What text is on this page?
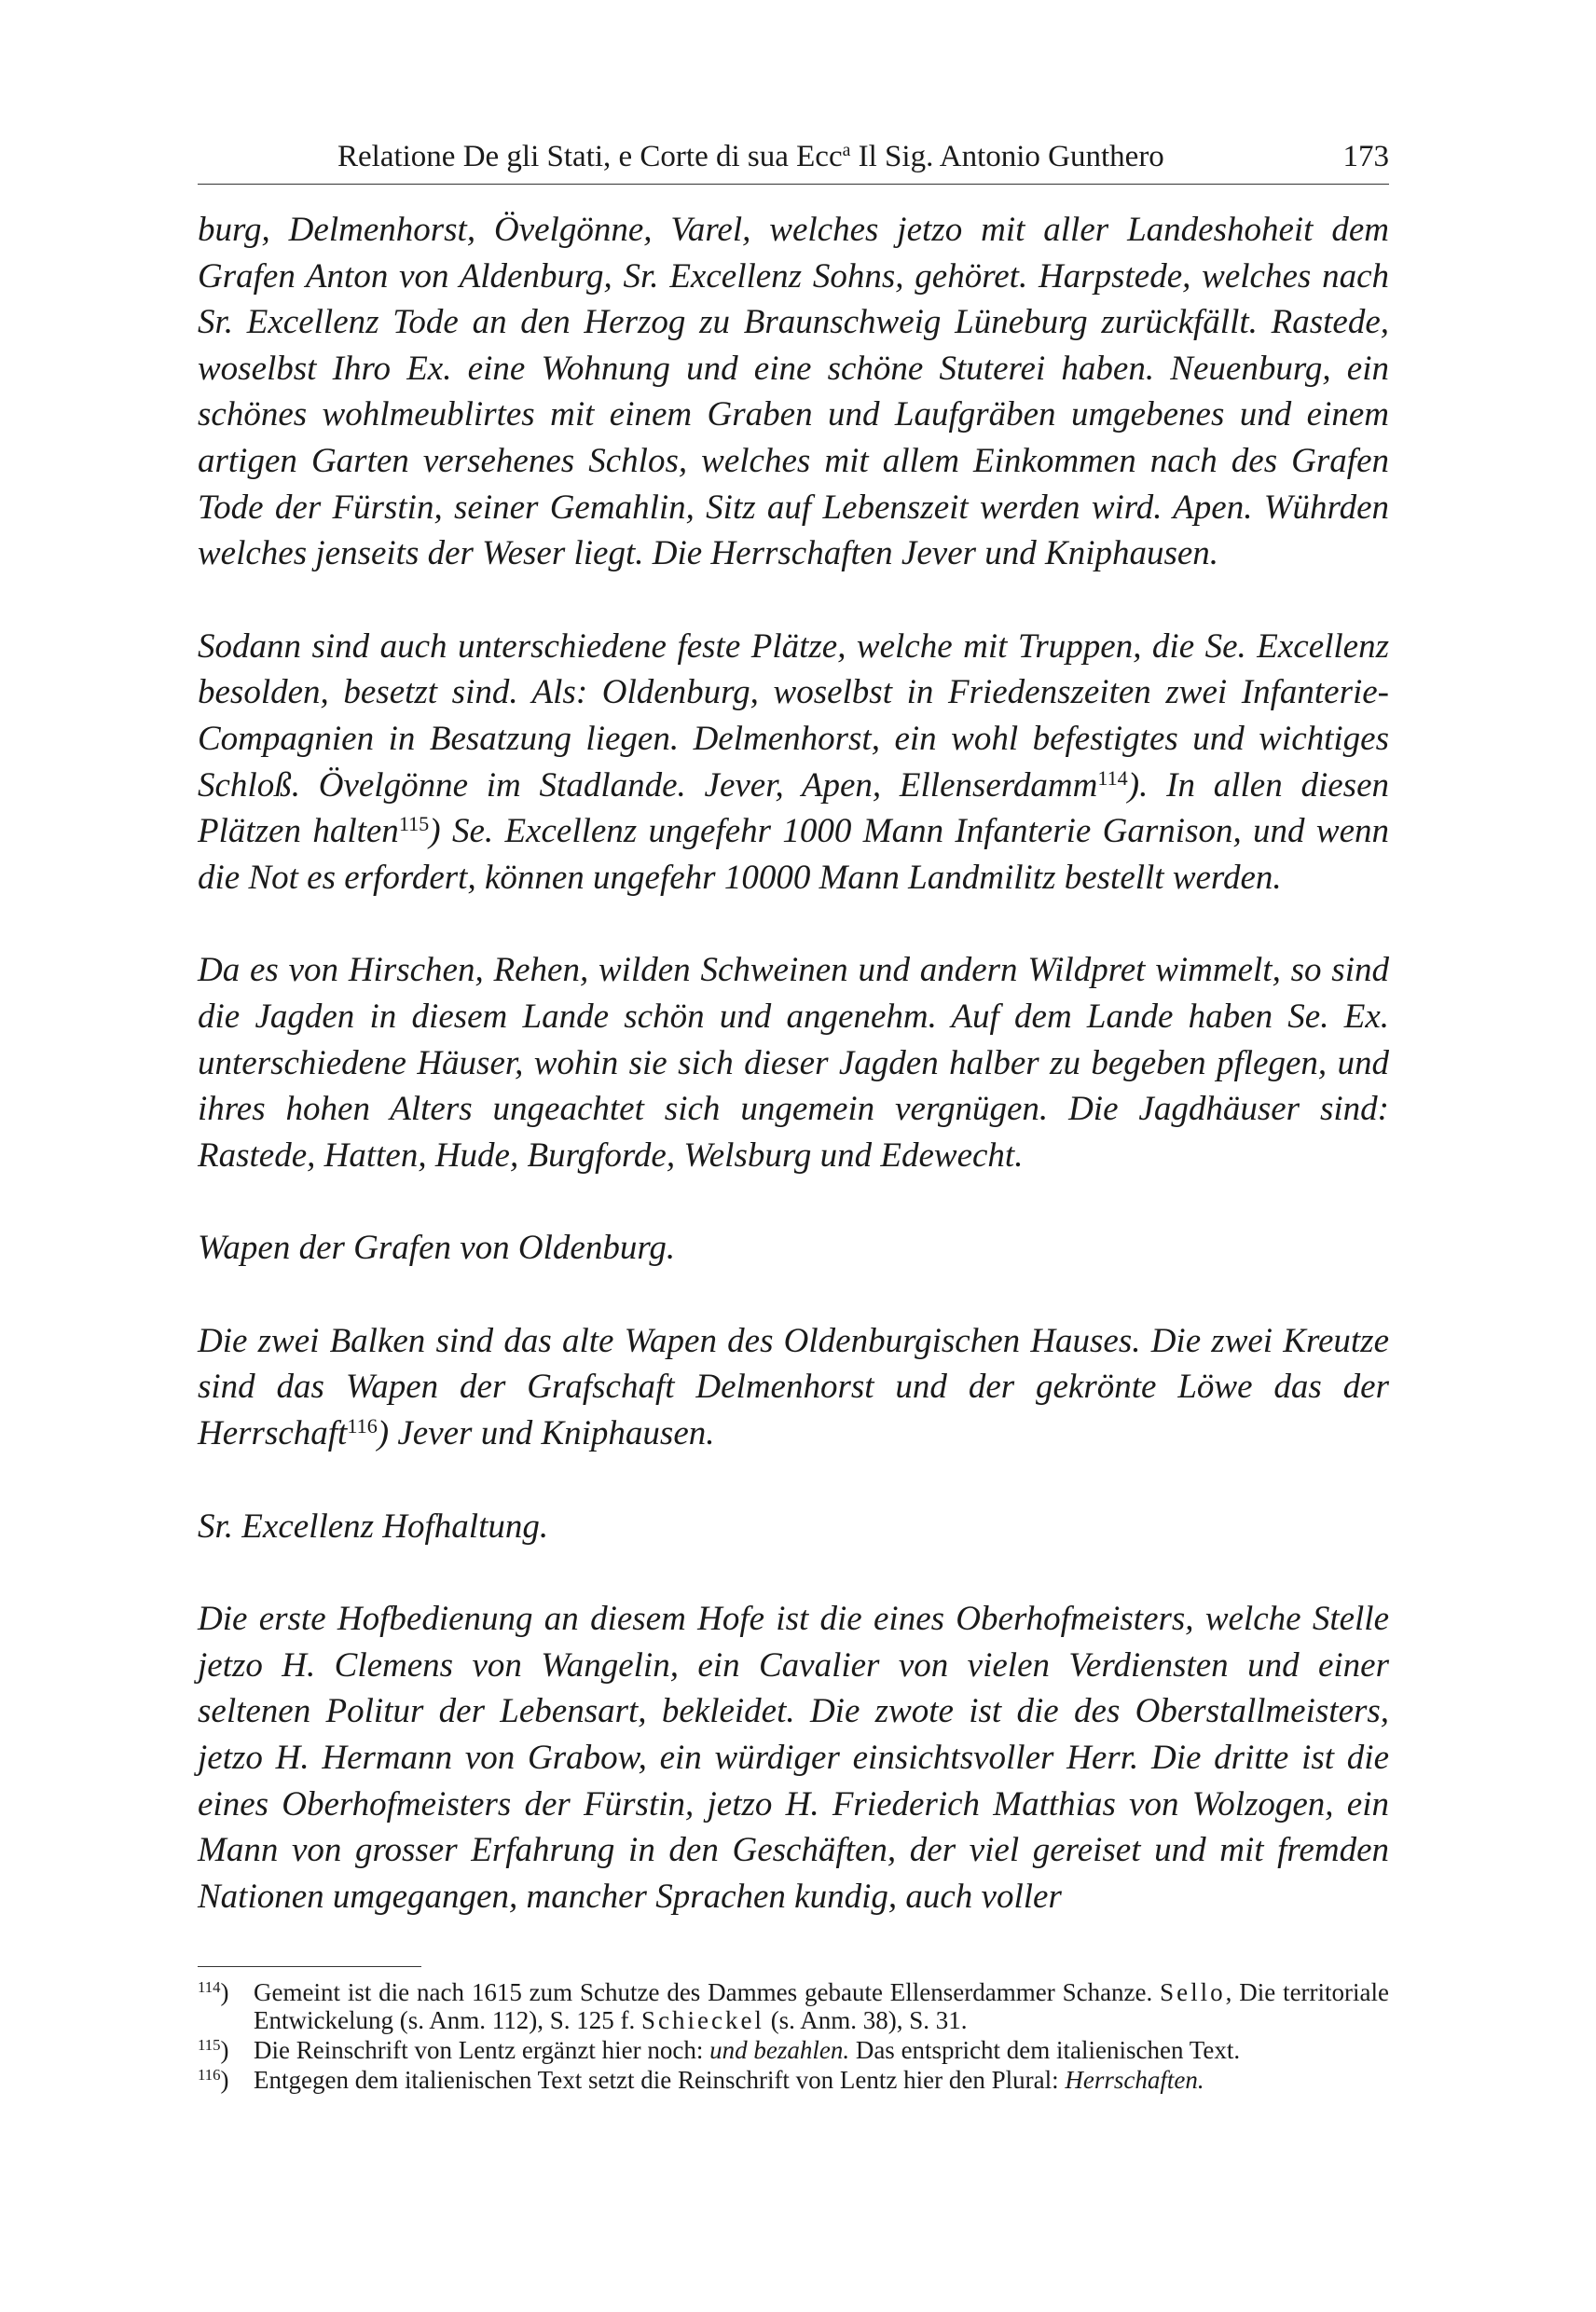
Relatione De gli Stati, e Corte di sua Ecc$^a$ Il Sig. Antonio Gunthero	173

burg, Delmenhorst, Övelgönne, Varel, welches jetzo mit aller Landeshoheit dem Grafen Anton von Aldenburg, Sr. Excellenz Sohns, gehöret. Harpstede, welches nach Sr. Excellenz Tode an den Herzog zu Braunschweig Lüneburg zurückfällt. Rastede, woselbst Ihro Ex. eine Wohnung und eine schöne Stuterei haben. Neuenburg, ein schönes wohlmeublirtes mit einem Graben und Laufgräben umgebenes und einem artigen Garten versehenes Schlos, welches mit allem Einkommen nach des Grafen Tode der Fürstin, seiner Gemahlin, Sitz auf Lebenszeit werden wird. Apen. Wührden welches jenseits der Weser liegt. Die Herrschaften Jever und Kniphausen.

Sodann sind auch unterschiedene feste Plätze, welche mit Truppen, die Se. Excellenz besolden, besetzt sind. Als: Oldenburg, woselbst in Friedenszeiten zwei Infanterie-Compagnien in Besatzung liegen. Delmenhorst, ein wohl befestigtes und wichtiges Schloß. Övelgönne im Stadlande. Jever, Apen, Ellenserdamm$^{114}$). In allen diesen Plätzen halten$^{115}$) Se. Excellenz ungefehr 1000 Mann Infanterie Garnison, und wenn die Not es erfordert, können ungefehr 10000 Mann Landmilitz bestellt werden.

Da es von Hirschen, Rehen, wilden Schweinen und andern Wildpret wimmelt, so sind die Jagden in diesem Lande schön und angenehm. Auf dem Lande haben Se. Ex. unterschiedene Häuser, wohin sie sich dieser Jagden halber zu begeben pflegen, und ihres hohen Alters ungeachtet sich ungemein vergnügen. Die Jagdhäuser sind: Rastede, Hatten, Hude, Burgforde, Welsburg und Edewecht.

Wapen der Grafen von Oldenburg.

Die zwei Balken sind das alte Wapen des Oldenburgischen Hauses. Die zwei Kreutze sind das Wapen der Grafschaft Delmenhorst und der gekrönte Löwe das der Herrschaft$^{116}$) Jever und Kniphausen.

Sr. Excellenz Hofhaltung.

Die erste Hofbedienung an diesem Hofe ist die eines Oberhofmeisters, welche Stelle jetzo H. Clemens von Wangelin, ein Cavalier von vielen Verdiensten und einer seltenen Politur der Lebensart, bekleidet. Die zwote ist die des Oberstallmeisters, jetzo H. Hermann von Grabow, ein würdiger einsichtsvoller Herr. Die dritte ist die eines Oberhofmeisters der Fürstin, jetzo H. Friederich Matthias von Wolzogen, ein Mann von grosser Erfahrung in den Geschäften, der viel gereiset und mit fremden Nationen umgegangen, mancher Sprachen kundig, auch voller

$^{114}$) Gemeint ist die nach 1615 zum Schutze des Dammes gebaute Ellenserdammer Schanze. Sello, Die territoriale Entwickelung (s. Anm. 112), S. 125 f. Schieckel (s. Anm. 38), S. 31.
$^{115}$) Die Reinschrift von Lentz ergänzt hier noch: und bezahlen. Das entspricht dem italienischen Text.
$^{116}$) Entgegen dem italienischen Text setzt die Reinschrift von Lentz hier den Plural: Herrschaften.
